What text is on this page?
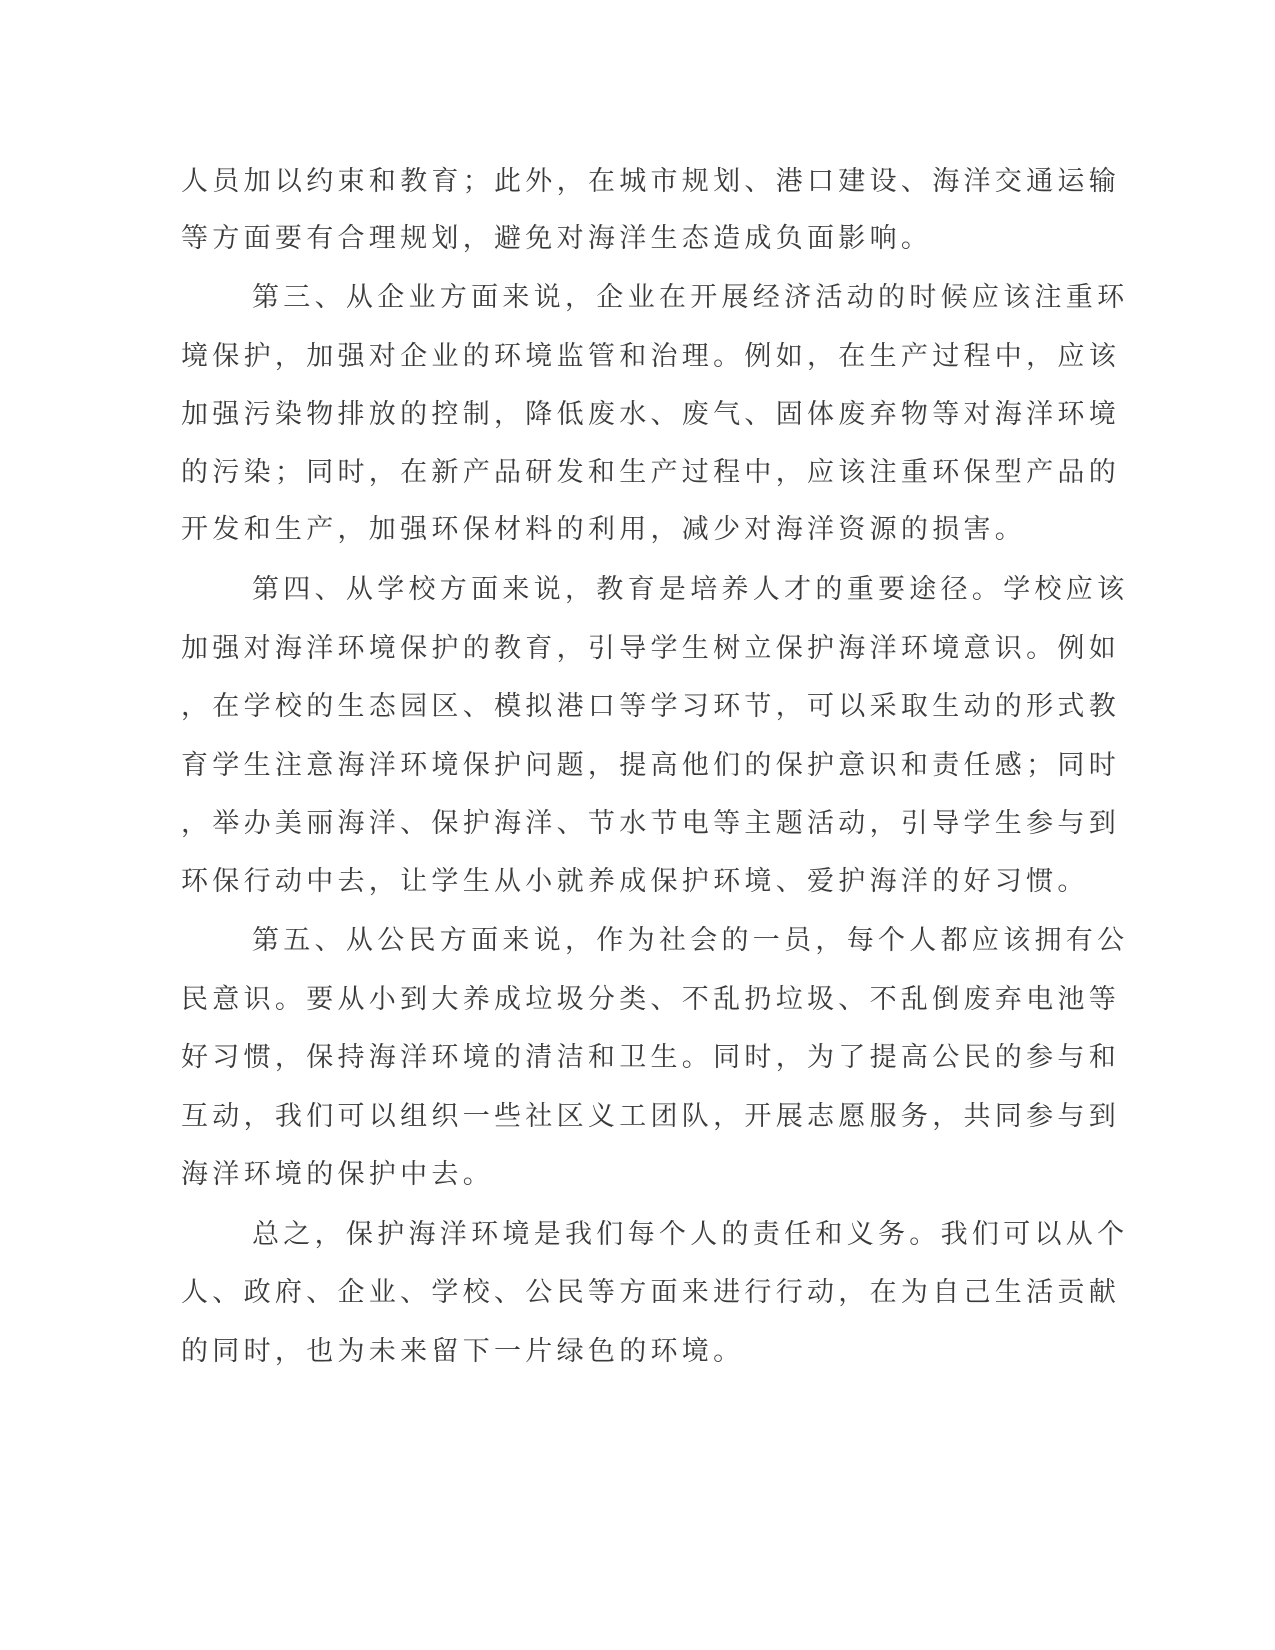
人员加以约束和教育；此外，在城市规划、港口建设、海洋交通运输
等方面要有合理规划，避免对海洋生态造成负面影响。
第三、从企业方面来说，企业在开展经济活动的时候应该注重环
境保护，加强对企业的环境监管和治理。例如，在生产过程中，应该
加强污染物排放的控制，降低废水、废气、固体废弃物等对海洋环境
的污染；同时，在新产品研发和生产过程中，应该注重环保型产品的
开发和生产，加强环保材料的利用，减少对海洋资源的损害。
第四、从学校方面来说，教育是培养人才的重要途径。学校应该
加强对海洋环境保护的教育，引导学生树立保护海洋环境意识。例如
，在学校的生态园区、模拟港口等学习环节，可以采取生动的形式教
育学生注意海洋环境保护问题，提高他们的保护意识和责任感；同时
，举办美丽海洋、保护海洋、节水节电等主题活动，引导学生参与到
环保行动中去，让学生从小就养成保护环境、爱护海洋的好习惯。
第五、从公民方面来说，作为社会的一员，每个人都应该拥有公
民意识。要从小到大养成垃圾分类、不乱扔垃圾、不乱倒废弃电池等
好习惯，保持海洋环境的清洁和卫生。同时，为了提高公民的参与和
互动，我们可以组织一些社区义工团队，开展志愿服务，共同参与到
海洋环境的保护中去。
总之，保护海洋环境是我们每个人的责任和义务。我们可以从个
人、政府、企业、学校、公民等方面来进行行动，在为自己生活贡献
的同时，也为未来留下一片绿色的环境。
